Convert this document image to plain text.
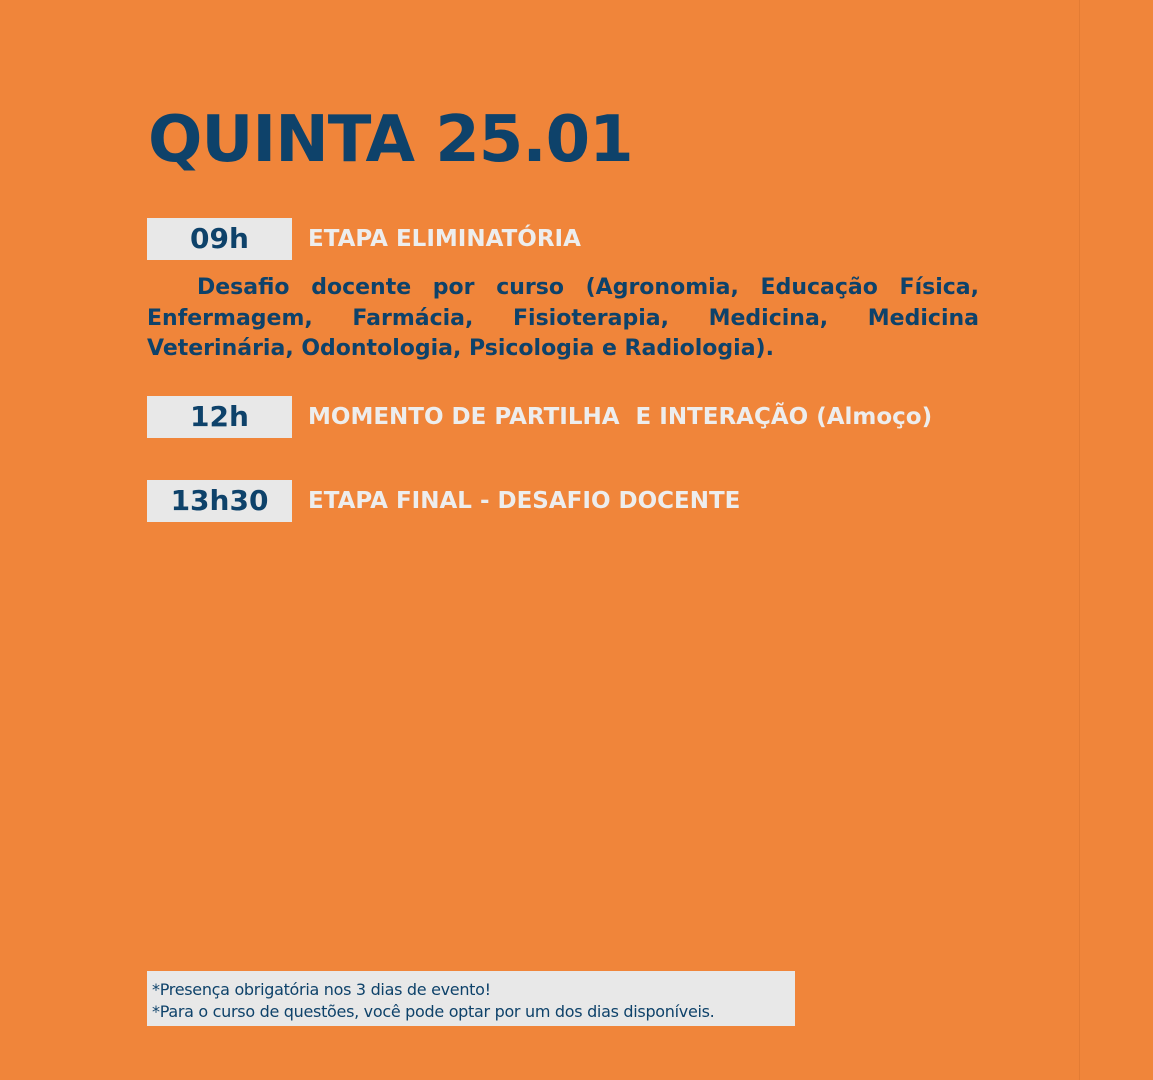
QUINTA 25.01
09h	ETAPA ELIMINATÓRIA

Desafio docente por curso (Agronomia, Educação Física, Enfermagem, Farmácia, Fisioterapia, Medicina, Medicina Veterinária, Odontologia, Psicologia e Radiologia).

12h	MOMENTO DE PARTILHA  E INTERAÇÃO (Almoço)
13h30	ETAPA FINAL - DESAFIO DOCENTE
*Presença obrigatória nos 3 dias de evento!
*Para o curso de questões, você pode optar por um dos dias disponíveis.
